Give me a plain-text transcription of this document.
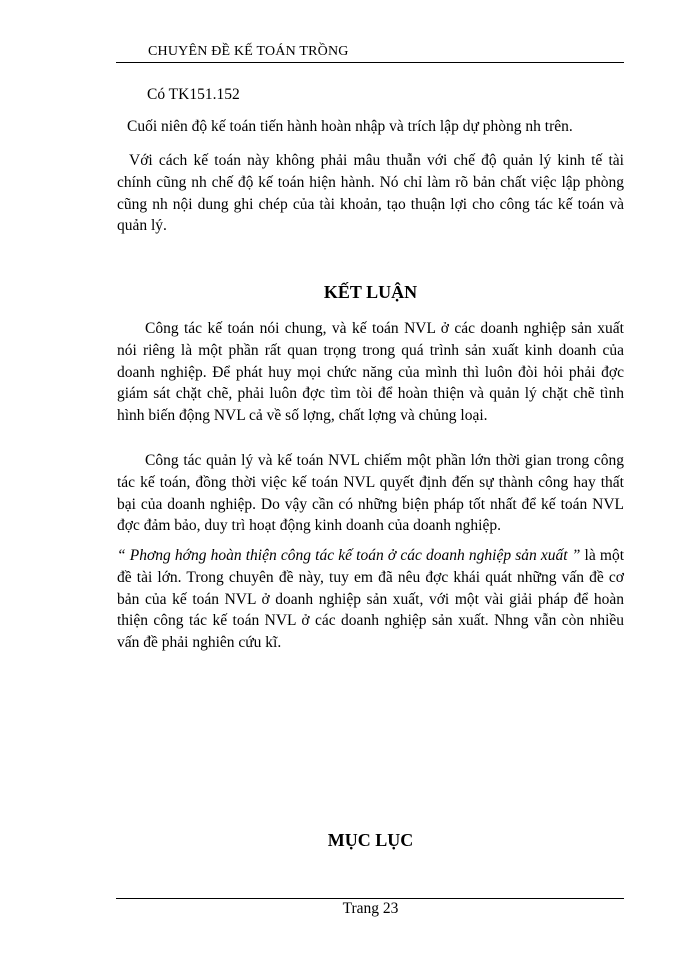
CHUYÊN ĐỀ KẾ TOÁN TRỒNG

Có TK151.152

Cuối niên độ kế toán tiến hành hoàn nhập và trích lập dự phòng nh trên.

Với cách kế toán này không phải mâu thuẫn với chế độ quản lý kinh tế tài chính cũng nh chế độ kế toán hiện hành. Nó chỉ làm rõ bản chất việc lập phòng cũng nh nội dung ghi chép của tài khoản, tạo thuận lợi cho công tác kế toán và quản lý.

KẾT LUẬN

Công tác kế toán nói chung, và kế toán NVL ở các doanh nghiệp sản xuất nói riêng là một phần rất quan trọng trong quá trình sản xuất kinh doanh của doanh nghiệp. Để phát huy mọi chức năng của mình thì luôn đòi hỏi phải đợc giám sát chặt chẽ, phải luôn đợc tìm tòi để hoàn thiện và quản lý chặt chẽ tình hình biến động NVL cả về số lợng, chất lợng và chủng loại.

Công tác quản lý và kế toán NVL chiếm một phần lớn thời gian trong công tác kế toán, đồng thời việc kế toán NVL quyết định đến sự thành công hay thất bại của doanh nghiệp. Do vậy cần có những biện pháp tốt nhất để kế toán NVL đợc đảm bảo, duy trì hoạt động kinh doanh của doanh nghiệp.

“ Phơng hớng hoàn thiện công tác kế toán ở các doanh nghiệp sản xuất ” là một đề tài lớn. Trong chuyên đề này, tuy em đã nêu đợc khái quát những vấn đề cơ bản của kế toán NVL ở doanh nghiệp sản xuất, với một vài giải pháp để hoàn thiện công tác kế toán NVL ở các doanh nghiệp sản xuất. Nhng vẫn còn nhiều vấn đề phải nghiên cứu kĩ.

MỤC LỤC
Trang 23
